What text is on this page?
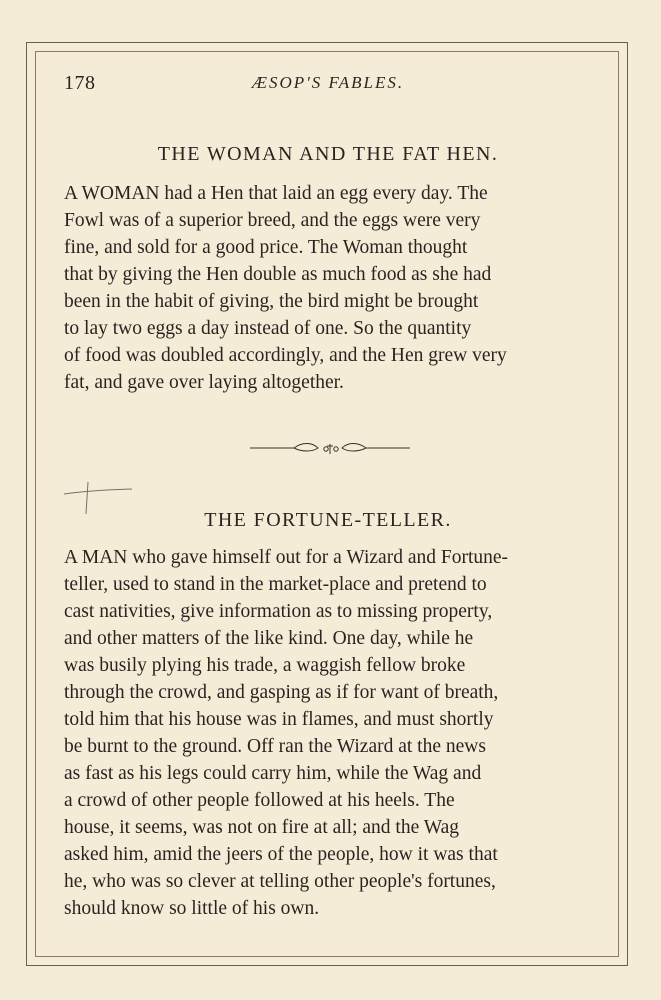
178	ÆSOP'S FABLES.
THE WOMAN AND THE FAT HEN.

A WOMAN had a Hen that laid an egg every day. The

Fowl was of a superior breed, and the eggs were very

fine, and sold for a good price. The Woman thought

that by giving the Hen double as much food as she had

been in the habit of giving, the bird might be brought

to lay two eggs a day instead of one. So the quantity

of food was doubled accordingly, and the Hen grew very

fat, and gave over laying altogether.

THE FORTUNE-TELLER.

A MAN who gave himself out for a Wizard and Fortune-

teller, used to stand in the market-place and pretend to

cast nativities, give information as to missing property,

and other matters of the like kind. One day, while he

was busily plying his trade, a waggish fellow broke

through the crowd, and gasping as if for want of breath,

told him that his house was in flames, and must shortly

be burnt to the ground. Off ran the Wizard at the news

as fast as his legs could carry him, while the Wag and

a crowd of other people followed at his heels. The

house, it seems, was not on fire at all; and the Wag

asked him, amid the jeers of the people, how it was that

he, who was so clever at telling other people's fortunes,

should know so little of his own.
